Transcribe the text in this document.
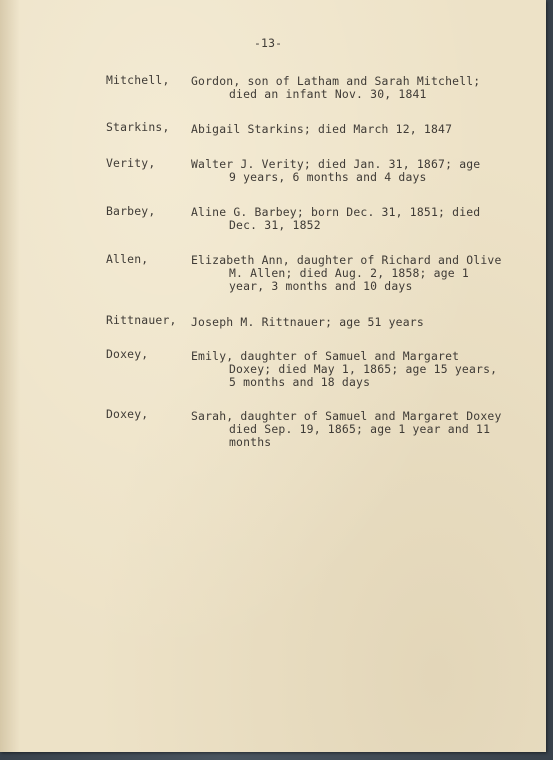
-13-
Mitchell, Gordon, son of Latham and Sarah Mitchell;
died an infant Nov. 30, 1841
Starkins, Abigail Starkins; died March 12, 1847
Verity,	Walter J. Verity; died Jan. 31, 1867; age
9 years, 6 months and 4 days
Barbey,	Aline G. Barbey; born Dec. 31, 1851; died
Dec. 31, 1852
Allen,	Elizabeth Ann, daughter of Richard and Olive
M. Allen; died Aug. 2, 1858; age 1
year, 3 months and 10 days
Rittnauer, Joseph M. Rittnauer; age 51 years
Doxey,	Emily, daughter of Samuel and Margaret
Doxey; died May 1, 1865; age 15 years,
5 months and 18 days
Doxey,	Sarah, daughter of Samuel and Margaret Doxey
died Sep. 19, 1865; age 1 year and 11
months
